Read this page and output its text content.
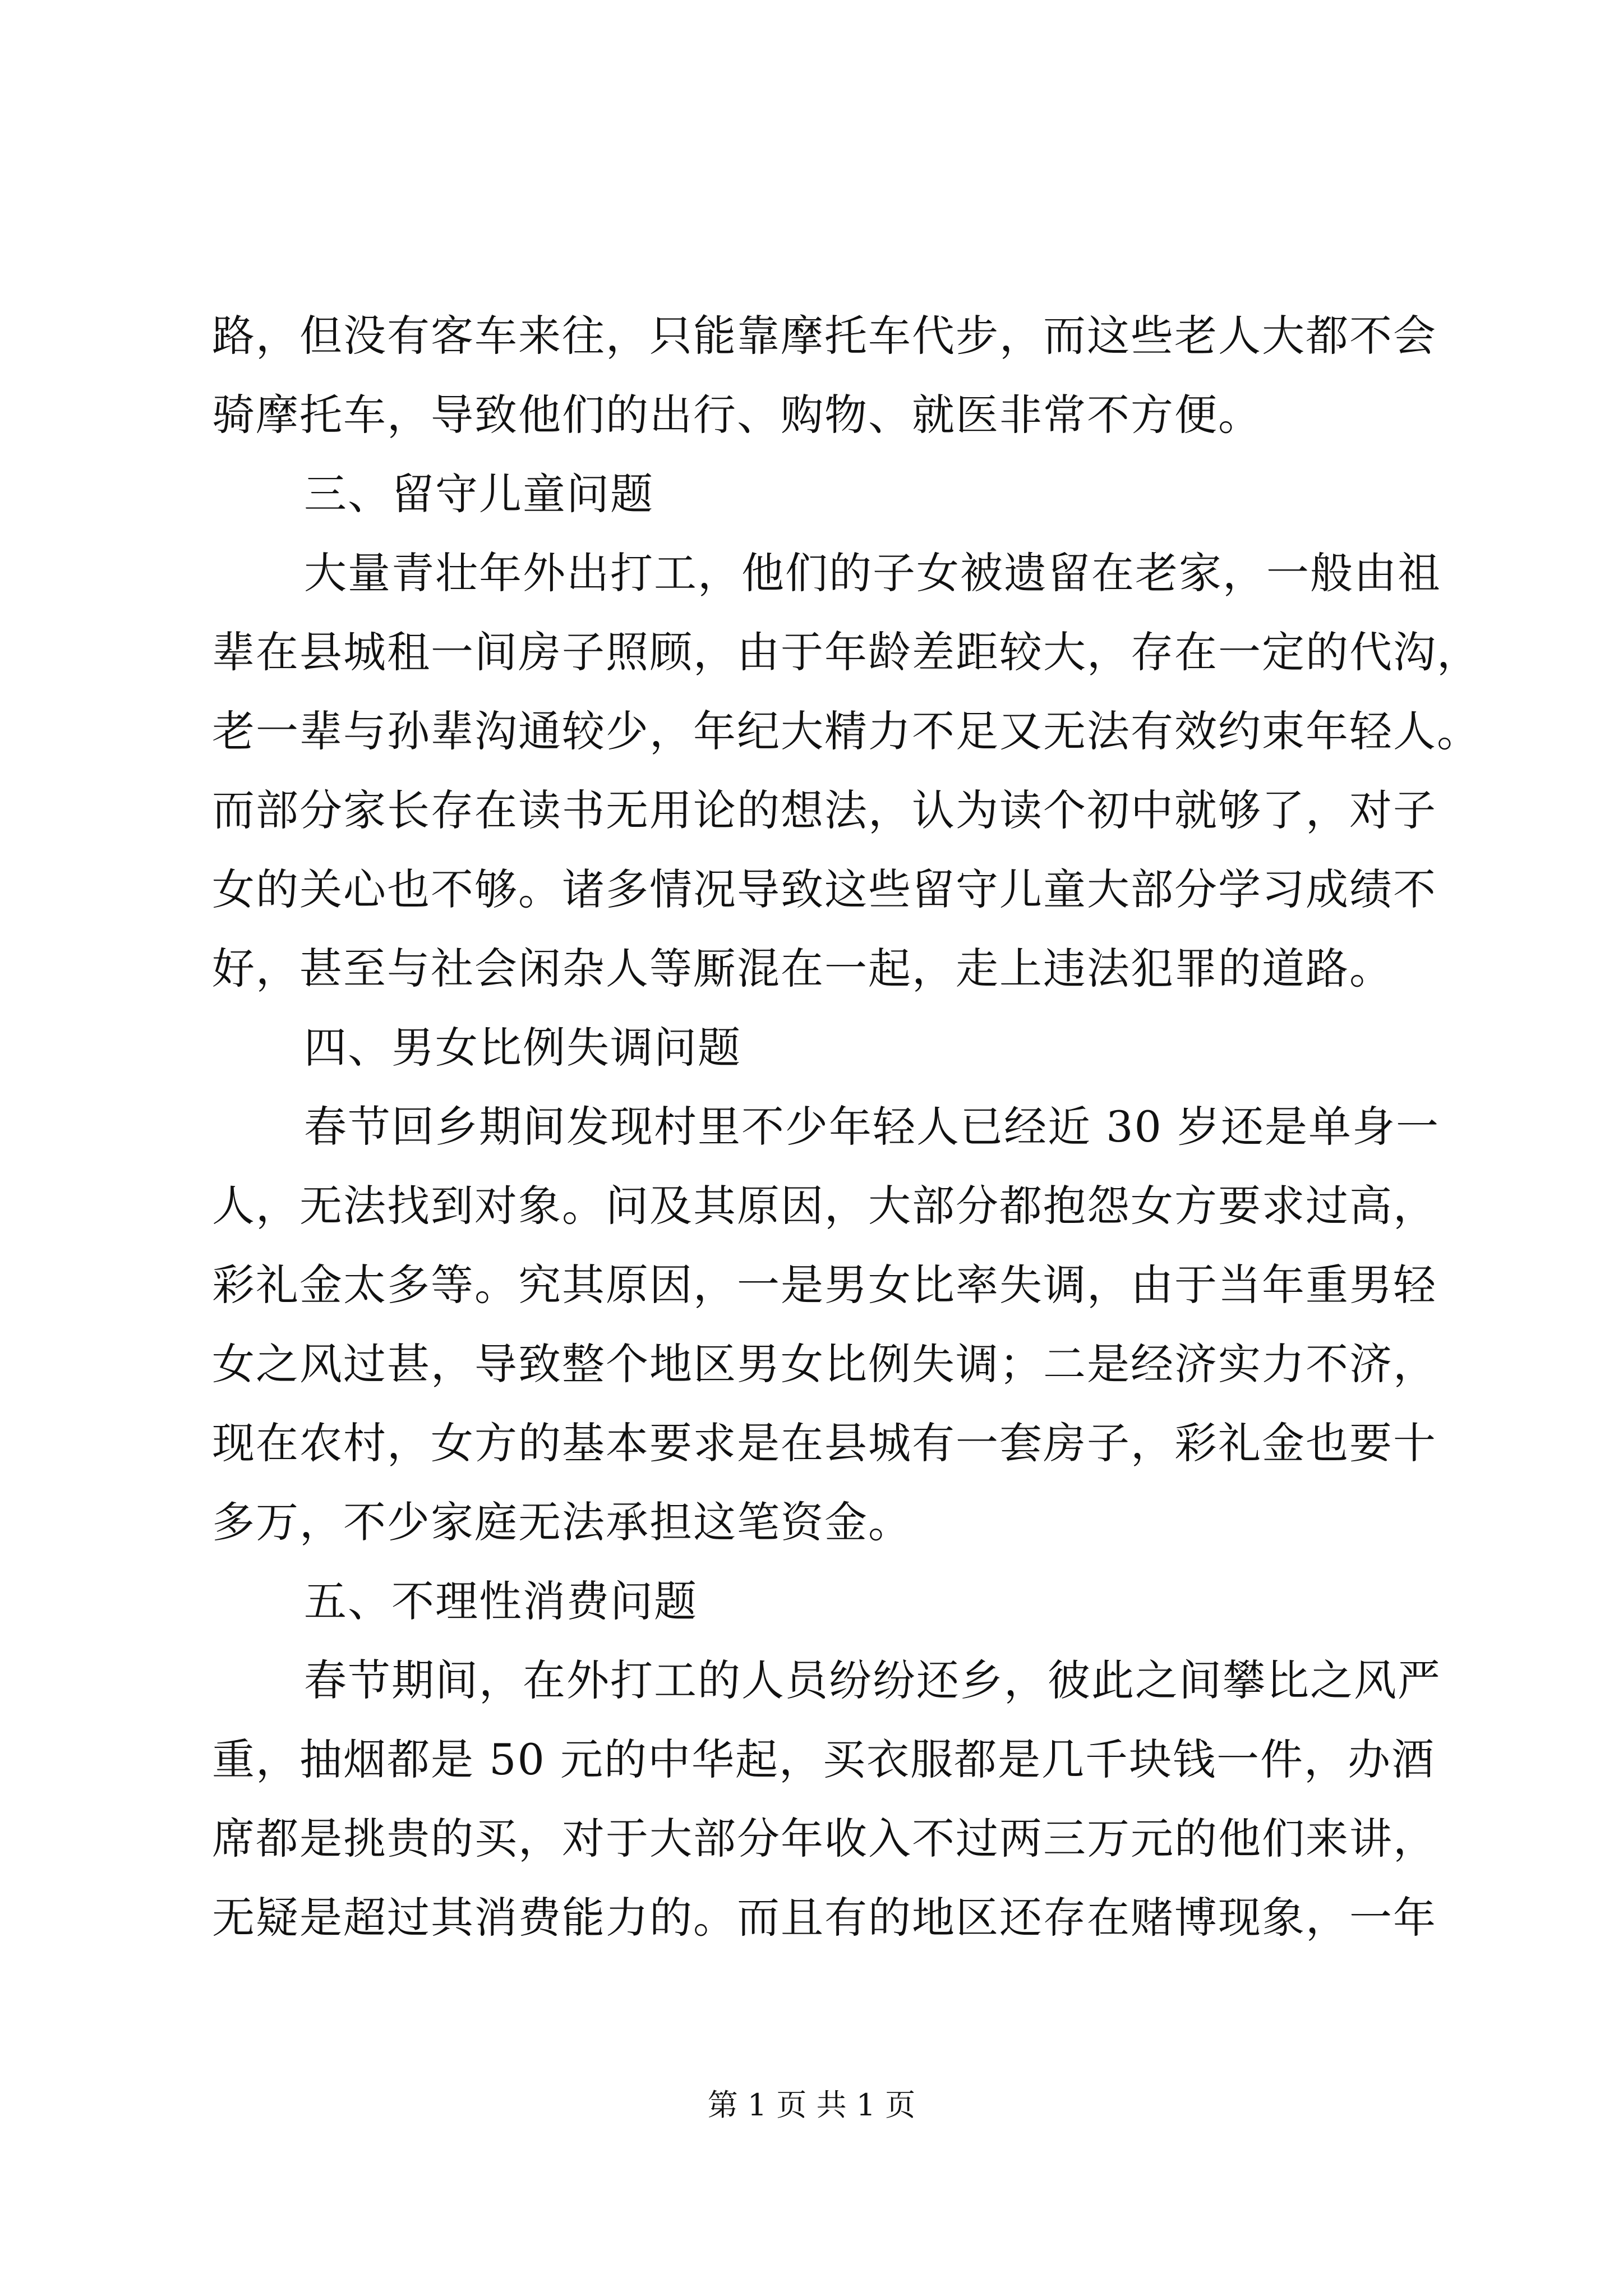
路，但没有客车来往，只能靠摩托车代步，而这些老人大都不会
骑摩托车，导致他们的出行、购物、就医非常不方便。
三、留守儿童问题
大量青壮年外出打工，他们的子女被遗留在老家，一般由祖
辈在县城租一间房子照顾，由于年龄差距较大，存在一定的代沟，
老一辈与孙辈沟通较少，年纪大精力不足又无法有效约束年轻人。
而部分家长存在读书无用论的想法，认为读个初中就够了，对子
女的关心也不够。诸多情况导致这些留守儿童大部分学习成绩不
好，甚至与社会闲杂人等厮混在一起，走上违法犯罪的道路。
四、男女比例失调问题
春节回乡期间发现村里不少年轻人已经近 30 岁还是单身一
人，无法找到对象。问及其原因，大部分都抱怨女方要求过高，
彩礼金太多等。究其原因，一是男女比率失调，由于当年重男轻
女之风过甚，导致整个地区男女比例失调；二是经济实力不济，
现在农村，女方的基本要求是在县城有一套房子，彩礼金也要十
多万，不少家庭无法承担这笔资金。
五、不理性消费问题
春节期间，在外打工的人员纷纷还乡，彼此之间攀比之风严
重，抽烟都是 50 元的中华起，买衣服都是几千块钱一件，办酒
席都是挑贵的买，对于大部分年收入不过两三万元的他们来讲，
无疑是超过其消费能力的。而且有的地区还存在赌博现象，一年
第 1 页 共 1 页
